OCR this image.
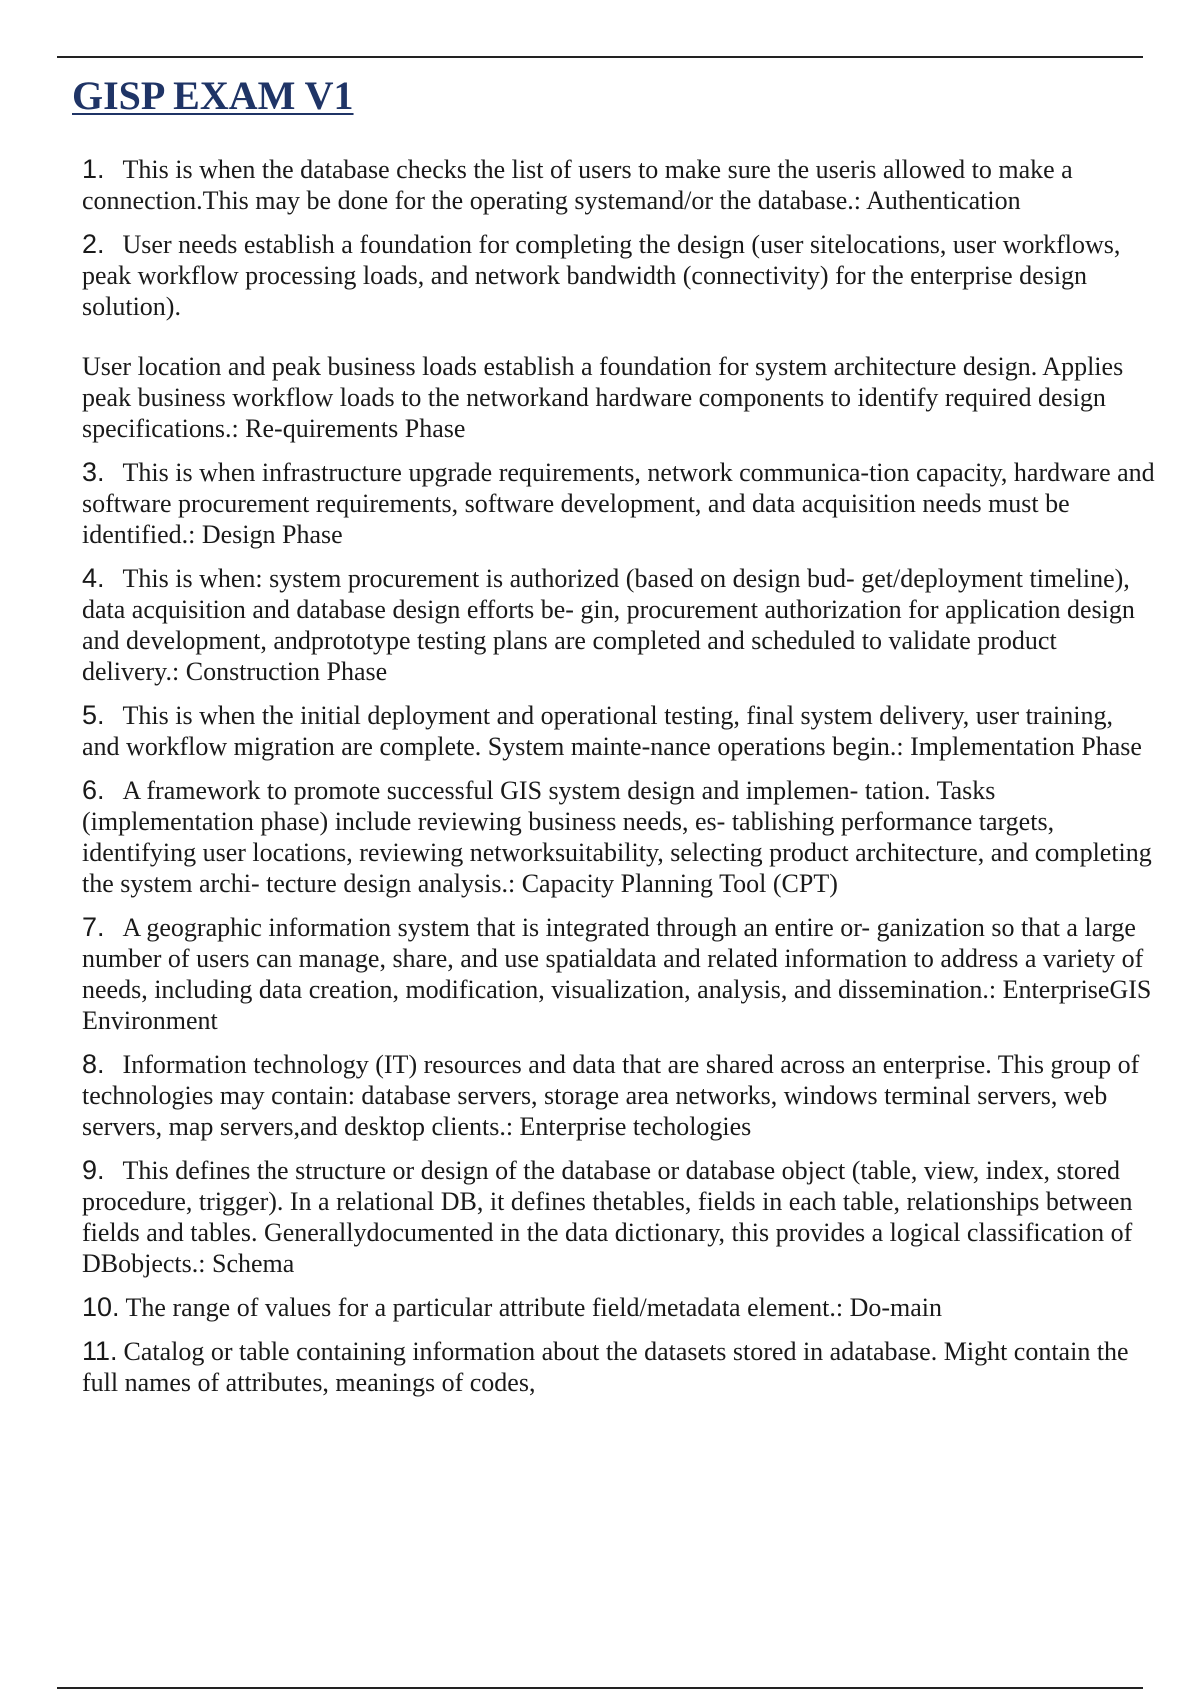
GISP EXAM V1
1. This is when the database checks the list of users to make sure the useris allowed to make a connection.This may be done for the operating systemand/or the database.: Authentication
2. User needs establish a foundation for completing the design (user sitelocations, user workflows, peak workflow processing loads, and network bandwidth (connectivity) for the enterprise design solution).
User location and peak business loads establish a foundation for system architecture design. Applies peak business workflow loads to the networkand hardware components to identify required design specifications.: Re-quirements Phase
3. This is when infrastructure upgrade requirements, network communica-tion capacity, hardware and software procurement requirements, software development, and data acquisition needs must be identified.: Design Phase
4. This is when: system procurement is authorized (based on design bud- get/deployment timeline), data acquisition and database design efforts be- gin, procurement authorization for application design and development, andprototype testing plans are completed and scheduled to validate product delivery.: Construction Phase
5. This is when the initial deployment and operational testing, final system delivery, user training, and workflow migration are complete. System mainte-nance operations begin.: Implementation Phase
6. A framework to promote successful GIS system design and implemen- tation. Tasks (implementation phase) include reviewing business needs, es- tablishing performance targets, identifying user locations, reviewing networksuitability, selecting product architecture, and completing the system archi- tecture design analysis.: Capacity Planning Tool (CPT)
7. A geographic information system that is integrated through an entire or- ganization so that a large number of users can manage, share, and use spatialdata and related information to address a variety of needs, including data creation, modification, visualization, analysis, and dissemination.: EnterpriseGIS Environment
8. Information technology (IT) resources and data that are shared across an enterprise. This group of technologies may contain: database servers, storage area networks, windows terminal servers, web servers, map servers,and desktop clients.: Enterprise techologies
9. This defines the structure or design of the database or database object (table, view, index, stored procedure, trigger). In a relational DB, it defines thetables, fields in each table, relationships between fields and tables. Generallydocumented in the data dictionary, this provides a logical classification of DBobjects.: Schema
10. The range of values for a particular attribute field/metadata element.: Do-main
11. Catalog or table containing information about the datasets stored in adatabase. Might contain the full names of attributes, meanings of codes,
